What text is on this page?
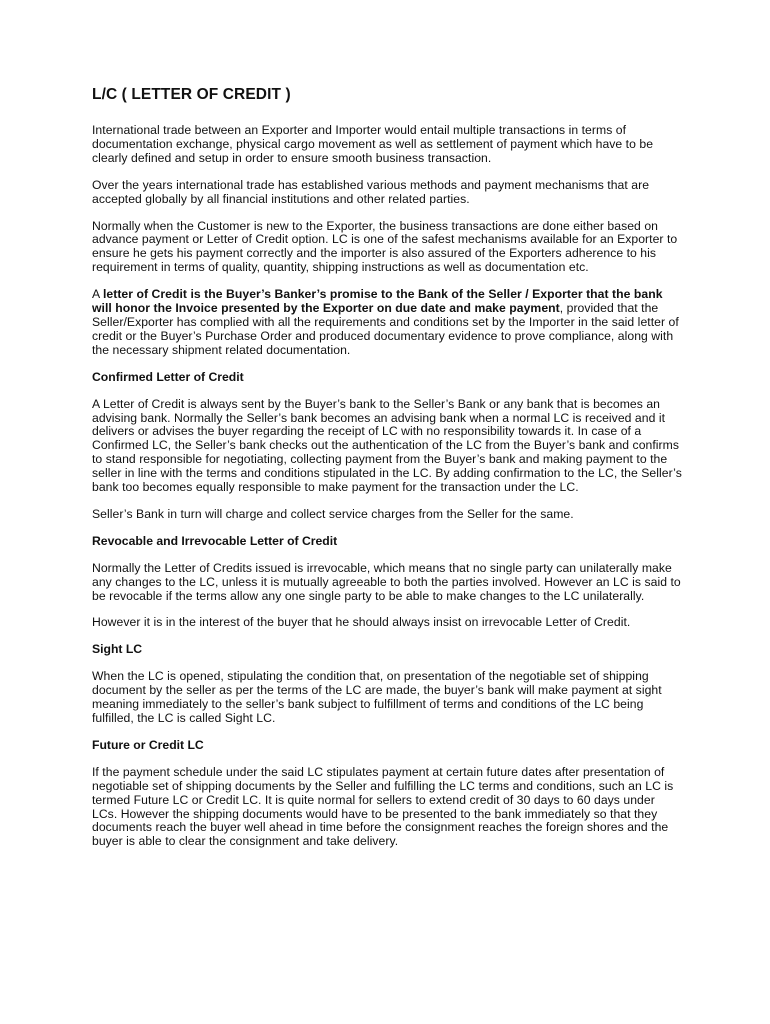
L/C ( LETTER OF CREDIT )

International trade between an Exporter and Importer would entail multiple transactions in terms of documentation exchange, physical cargo movement as well as settlement of payment which have to be clearly defined and setup in order to ensure smooth business transaction.

Over the years international trade has established various methods and payment mechanisms that are accepted globally by all financial institutions and other related parties.

Normally when the Customer is new to the Exporter, the business transactions are done either based on advance payment or Letter of Credit option. LC is one of the safest mechanisms available for an Exporter to ensure he gets his payment correctly and the importer is also assured of the Exporters adherence to his requirement in terms of quality, quantity, shipping instructions as well as documentation etc.

A letter of Credit is the Buyer’s Banker’s promise to the Bank of the Seller / Exporter that the bank will honor the Invoice presented by the Exporter on due date and make payment, provided that the Seller/Exporter has complied with all the requirements and conditions set by the Importer in the said letter of credit or the Buyer’s Purchase Order and produced documentary evidence to prove compliance, along with the necessary shipment related documentation.

Confirmed Letter of Credit

A Letter of Credit is always sent by the Buyer’s bank to the Seller’s Bank or any bank that is becomes an advising bank. Normally the Seller’s bank becomes an advising bank when a normal LC is received and it delivers or advises the buyer regarding the receipt of LC with no responsibility towards it. In case of a Confirmed LC, the Seller’s bank checks out the authentication of the LC from the Buyer’s bank and confirms to stand responsible for negotiating, collecting payment from the Buyer’s bank and making payment to the seller in line with the terms and conditions stipulated in the LC. By adding confirmation to the LC, the Seller’s bank too becomes equally responsible to make payment for the transaction under the LC.

Seller’s Bank in turn will charge and collect service charges from the Seller for the same.

Revocable and Irrevocable Letter of Credit

Normally the Letter of Credits issued is irrevocable, which means that no single party can unilaterally make any changes to the LC, unless it is mutually agreeable to both the parties involved. However an LC is said to be revocable if the terms allow any one single party to be able to make changes to the LC unilaterally.

However it is in the interest of the buyer that he should always insist on irrevocable Letter of Credit.

Sight LC

When the LC is opened, stipulating the condition that, on presentation of the negotiable set of shipping document by the seller as per the terms of the LC are made, the buyer’s bank will make payment at sight meaning immediately to the seller’s bank subject to fulfillment of terms and conditions of the LC being fulfilled, the LC is called Sight LC.

Future or Credit LC

If the payment schedule under the said LC stipulates payment at certain future dates after presentation of negotiable set of shipping documents by the Seller and fulfilling the LC terms and conditions, such an LC is termed Future LC or Credit LC. It is quite normal for sellers to extend credit of 30 days to 60 days under LCs. However the shipping documents would have to be presented to the bank immediately so that they documents reach the buyer well ahead in time before the consignment reaches the foreign shores and the buyer is able to clear the consignment and take delivery.
